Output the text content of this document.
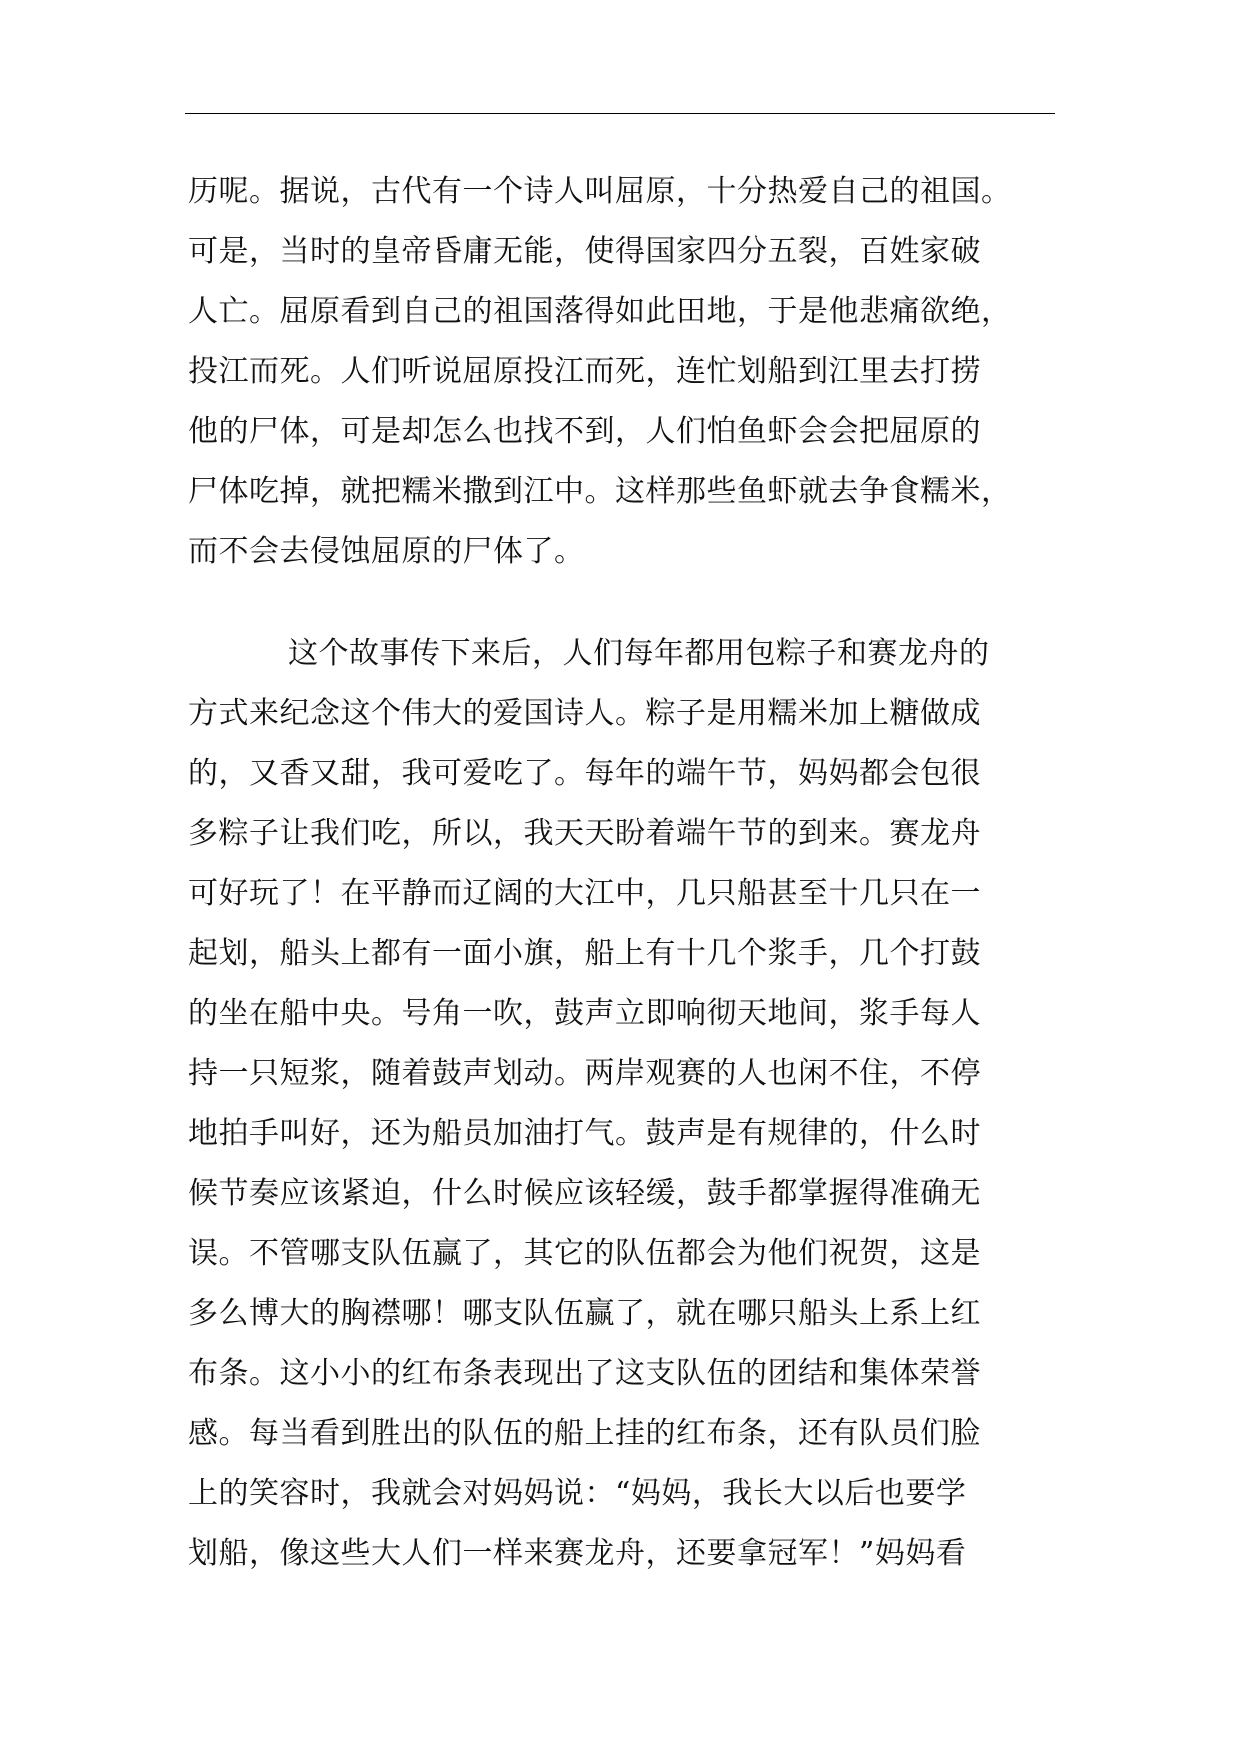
历呢。据说，古代有一个诗人叫屈原，十分热爱自己的祖国。
可是，当时的皇帝昏庸无能，使得国家四分五裂，百姓家破
人亡。屈原看到自己的祖国落得如此田地，于是他悲痛欲绝，
投江而死。人们听说屈原投江而死，连忙划船到江里去打捞
他的尸体，可是却怎么也找不到，人们怕鱼虾会会把屈原的
尸体吃掉，就把糯米撒到江中。这样那些鱼虾就去争食糯米，
而不会去侵蚀屈原的尸体了。
这个故事传下来后，人们每年都用包粽子和赛龙舟的
方式来纪念这个伟大的爱国诗人。粽子是用糯米加上糖做成
的，又香又甜，我可爱吃了。每年的端午节，妈妈都会包很
多粽子让我们吃，所以，我天天盼着端午节的到来。赛龙舟
可好玩了！在平静而辽阔的大江中，几只船甚至十几只在一
起划，船头上都有一面小旗，船上有十几个浆手，几个打鼓
的坐在船中央。号角一吹，鼓声立即响彻天地间，浆手每人
持一只短浆，随着鼓声划动。两岸观赛的人也闲不住，不停
地拍手叫好，还为船员加油打气。鼓声是有规律的，什么时
候节奏应该紧迫，什么时候应该轻缓，鼓手都掌握得准确无
误。不管哪支队伍赢了，其它的队伍都会为他们祝贺，这是
多么博大的胸襟哪！哪支队伍赢了，就在哪只船头上系上红
布条。这小小的红布条表现出了这支队伍的团结和集体荣誉
感。每当看到胜出的队伍的船上挂的红布条，还有队员们脸
上的笑容时，我就会对妈妈说：“妈妈，我长大以后也要学
划船，像这些大人们一样来赛龙舟，还要拿冠军！”妈妈看
